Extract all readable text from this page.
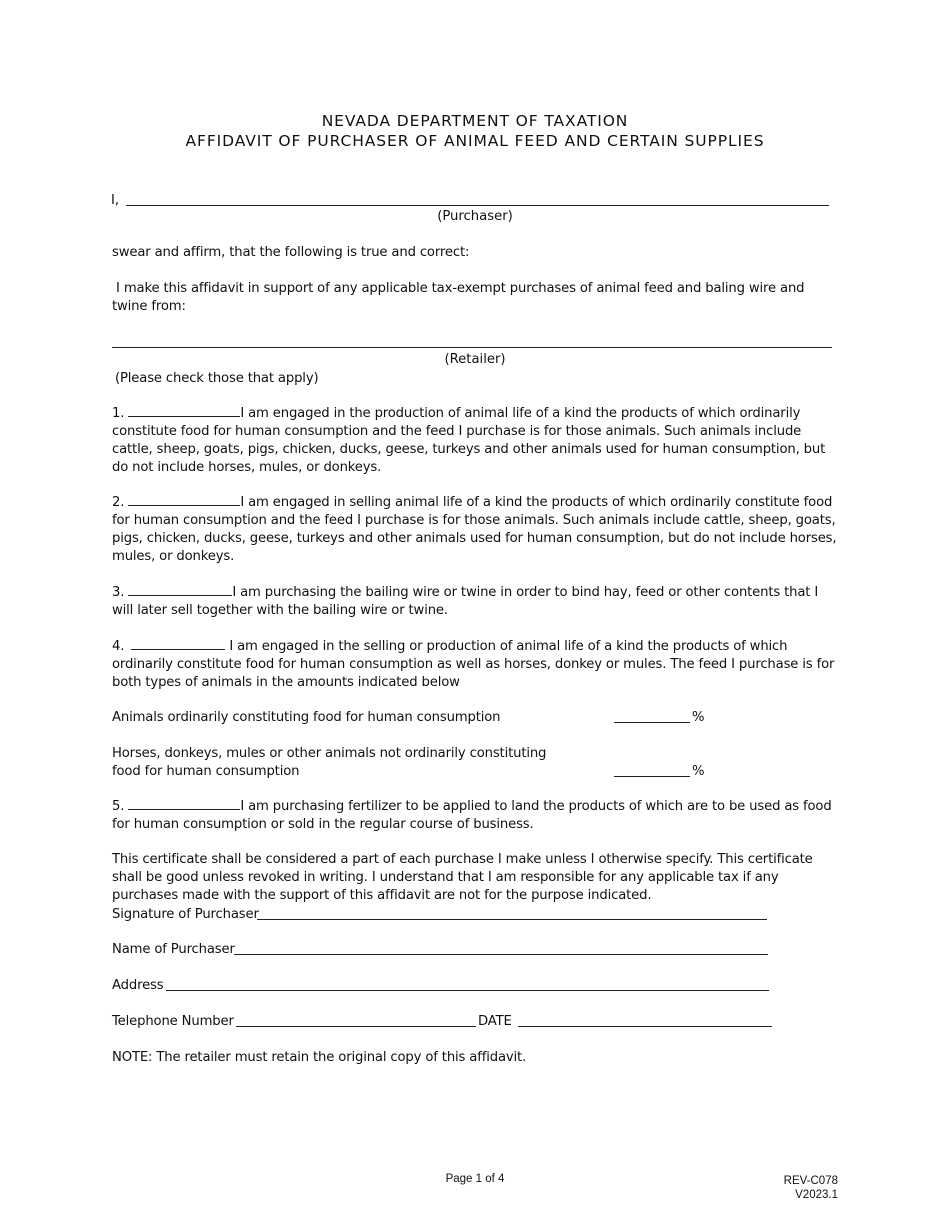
NEVADA DEPARTMENT OF TAXATION
AFFIDAVIT OF PURCHASER OF ANIMAL FEED AND CERTAIN SUPPLIES
I,
(Purchaser)
swear and affirm, that the following is true and correct:
I make this affidavit in support of any applicable tax-exempt purchases of animal feed and baling wire and twine from:
(Retailer)
(Please check those that apply)
1.	I am engaged in the production of animal life of a kind the products of which ordinarily constitute food for human consumption and the feed I purchase is for those animals. Such animals include cattle, sheep, goats, pigs, chicken, ducks, geese, turkeys and other animals used for human consumption, but do not include horses, mules, or donkeys.
2.	I am engaged in selling animal life of a kind the products of which ordinarily constitute food for human consumption and the feed I purchase is for those animals. Such animals include cattle, sheep, goats, pigs, chicken, ducks, geese, turkeys and other animals used for human consumption, but do not include horses, mules, or donkeys.
3.	I am purchasing the bailing wire or twine in order to bind hay, feed or other contents that I will later sell together with the bailing wire or twine.
4.	I am engaged in the selling or production of animal life of a kind the products of which ordinarily constitute food for human consumption as well as horses, donkey or mules. The feed I purchase is for both types of animals in the amounts indicated below
Animals ordinarily constituting food for human consumption	%
Horses, donkeys, mules or other animals not ordinarily constituting
food for human consumption	%
5.	I am purchasing fertilizer to be applied to land the products of which are to be used as food for human consumption or sold in the regular course of business.
This certificate shall be considered a part of each purchase I make unless I otherwise specify. This certificate shall be good unless revoked in writing. I understand that I am responsible for any applicable tax if any purchases made with the support of this affidavit are not for the purpose indicated.
Signature of Purchaser
Name of Purchaser
Address
Telephone Number	DATE
NOTE: The retailer must retain the original copy of this affidavit.
Page 1 of 4	REV-C078
V2023.1
